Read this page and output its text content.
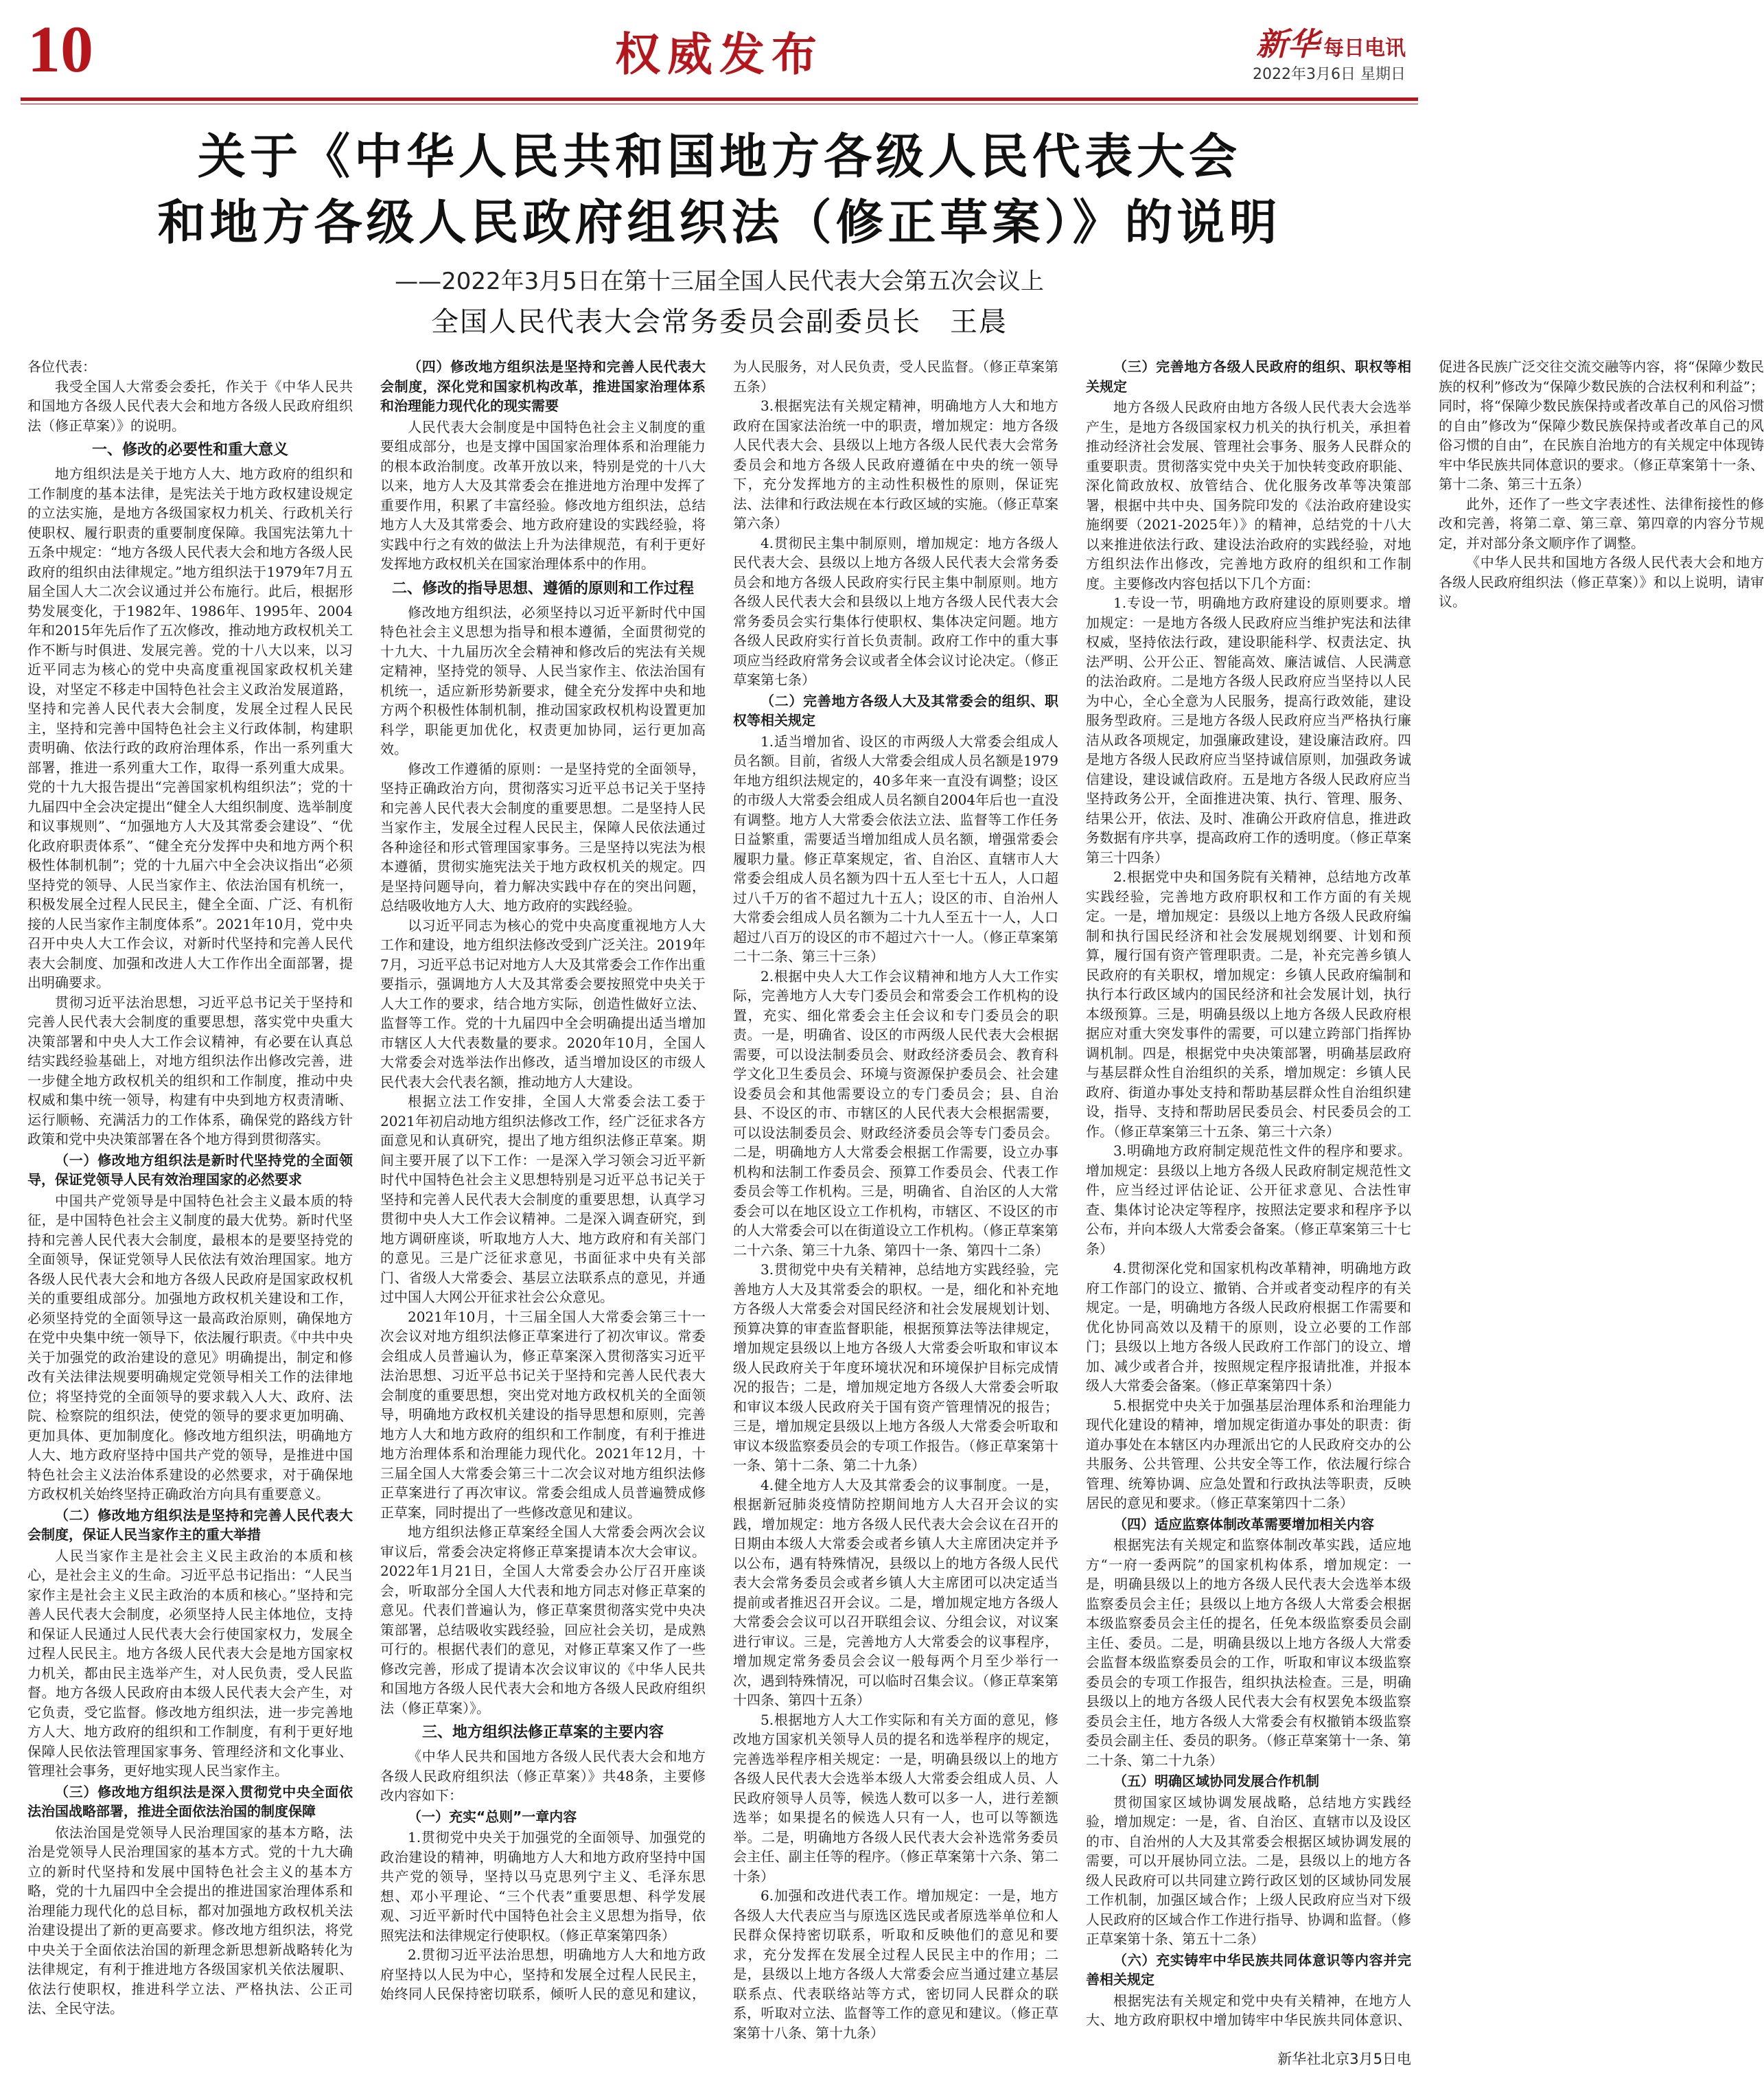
10	权威发布	新华 每日电讯
2022年3月6日 星期日
关于《中华人民共和国地方各级人民代表大会
和地方各级人民政府组织法（修正草案）》的说明
——2022年3月5日在第十三届全国人民代表大会第五次会议上
全国人民代表大会常务委员会副委员长　王晨

各位代表：

我受全国人大常委会委托，作关于《中华人民共和国地方各级人民代表大会和地方各级人民政府组织法（修正草案）》的说明。

一、修改的必要性和重大意义

地方组织法是关于地方人大、地方政府的组织和工作制度的基本法律，是宪法关于地方政权建设规定的立法实施，是地方各级国家权力机关、行政机关行使职权、履行职责的重要制度保障。我国宪法第九十五条中规定：“地方各级人民代表大会和地方各级人民政府的组织由法律规定。”地方组织法于1979年7月五届全国人大二次会议通过并公布施行。此后，根据形势发展变化，于1982年、1986年、1995年、2004年和2015年先后作了五次修改，推动地方政权机关工作不断与时俱进、发展完善。党的十八大以来，以习近平同志为核心的党中央高度重视国家政权机关建设，对坚定不移走中国特色社会主义政治发展道路，坚持和完善人民代表大会制度，发展全过程人民民主，坚持和完善中国特色社会主义行政体制，构建职责明确、依法行政的政府治理体系，作出一系列重大部署，推进一系列重大工作，取得一系列重大成果。党的十九大报告提出“完善国家机构组织法”；党的十九届四中全会决定提出“健全人大组织制度、选举制度和议事规则”、“加强地方人大及其常委会建设”、“优化政府职责体系”、“健全充分发挥中央和地方两个积极性体制机制”；党的十九届六中全会决议指出“必须坚持党的领导、人民当家作主、依法治国有机统一，积极发展全过程人民民主，健全全面、广泛、有机衔接的人民当家作主制度体系”。2021年10月，党中央召开中央人大工作会议，对新时代坚持和完善人民代表大会制度、加强和改进人大工作作出全面部署，提出明确要求。

贯彻习近平法治思想，习近平总书记关于坚持和完善人民代表大会制度的重要思想，落实党中央重大决策部署和中央人大工作会议精神，有必要在认真总结实践经验基础上，对地方组织法作出修改完善，进一步健全地方政权机关的组织和工作制度，推动中央权威和集中统一领导，构建有中央到地方权责清晰、运行顺畅、充满活力的工作体系，确保党的路线方针政策和党中央决策部署在各个地方得到贯彻落实。

（一）修改地方组织法是新时代坚持党的全面领导，保证党领导人民有效治理国家的必然要求

中国共产党领导是中国特色社会主义最本质的特征，是中国特色社会主义制度的最大优势。新时代坚持和完善人民代表大会制度，最根本的是要坚持党的全面领导，保证党领导人民依法有效治理国家。地方各级人民代表大会和地方各级人民政府是国家政权机关的重要组成部分。加强地方政权机关建设和工作，必须坚持党的全面领导这一最高政治原则，确保地方在党中央集中统一领导下，依法履行职责。《中共中央关于加强党的政治建设的意见》明确提出，制定和修改有关法律法规要明确规定党领导相关工作的法律地位；将坚持党的全面领导的要求载入人大、政府、法院、检察院的组织法，使党的领导的要求更加明确、更加具体、更加制度化。修改地方组织法，明确地方人大、地方政府坚持中国共产党的领导，是推进中国特色社会主义法治体系建设的必然要求，对于确保地方政权机关始终坚持正确政治方向具有重要意义。

（二）修改地方组织法是坚持和完善人民代表大会制度，保证人民当家作主的重大举措

人民当家作主是社会主义民主政治的本质和核心，是社会主义的生命。习近平总书记指出：“人民当家作主是社会主义民主政治的本质和核心。”坚持和完善人民代表大会制度，必须坚持人民主体地位，支持和保证人民通过人民代表大会行使国家权力，发展全过程人民民主。地方各级人民代表大会是地方国家权力机关，都由民主选举产生，对人民负责，受人民监督。地方各级人民政府由本级人民代表大会产生，对它负责，受它监督。修改地方组织法，进一步完善地方人大、地方政府的组织和工作制度，有利于更好地保障人民依法管理国家事务、管理经济和文化事业、管理社会事务，更好地实现人民当家作主。

（三）修改地方组织法是深入贯彻党中央全面依法治国战略部署，推进全面依法治国的制度保障

依法治国是党领导人民治理国家的基本方略，法治是党领导人民治理国家的基本方式。党的十九大确立的新时代坚持和发展中国特色社会主义的基本方略，党的十九届四中全会提出的推进国家治理体系和治理能力现代化的总目标，都对加强地方政权机关法治建设提出了新的更高要求。修改地方组织法，将党中央关于全面依法治国的新理念新思想新战略转化为法律规定，有利于推进地方各级国家机关依法履职、依法行使职权，推进科学立法、严格执法、公正司法、全民守法。

（四）修改地方组织法是坚持和完善人民代表大会制度，深化党和国家机构改革，推进国家治理体系和治理能力现代化的现实需要

人民代表大会制度是中国特色社会主义制度的重要组成部分，也是支撑中国国家治理体系和治理能力的根本政治制度。改革开放以来，特别是党的十八大以来，地方人大及其常委会在推进地方治理中发挥了重要作用，积累了丰富经验。修改地方组织法，总结地方人大及其常委会、地方政府建设的实践经验，将实践中行之有效的做法上升为法律规范，有利于更好发挥地方政权机关在国家治理体系中的作用。

二、修改的指导思想、遵循的原则和工作过程

修改地方组织法，必须坚持以习近平新时代中国特色社会主义思想为指导和根本遵循，全面贯彻党的十九大、十九届历次全会精神和修改后的宪法有关规定精神，坚持党的领导、人民当家作主、依法治国有机统一，适应新形势新要求，健全充分发挥中央和地方两个积极性体制机制，推动国家政权机构设置更加科学，职能更加优化，权责更加协同，运行更加高效。

修改工作遵循的原则：一是坚持党的全面领导，坚持正确政治方向，贯彻落实习近平总书记关于坚持和完善人民代表大会制度的重要思想。二是坚持人民当家作主，发展全过程人民民主，保障人民依法通过各种途径和形式管理国家事务。三是坚持以宪法为根本遵循，贯彻实施宪法关于地方政权机关的规定。四是坚持问题导向，着力解决实践中存在的突出问题，总结吸收地方人大、地方政府的实践经验。

以习近平同志为核心的党中央高度重视地方人大工作和建设，地方组织法修改受到广泛关注。2019年7月，习近平总书记对地方人大及其常委会工作作出重要指示，强调地方人大及其常委会要按照党中央关于人大工作的要求，结合地方实际，创造性做好立法、监督等工作。党的十九届四中全会明确提出适当增加市辖区人大代表数量的要求。2020年10月，全国人大常委会对选举法作出修改，适当增加设区的市级人民代表大会代表名额，推动地方人大建设。

根据立法工作安排，全国人大常委会法工委于2021年初启动地方组织法修改工作，经广泛征求各方面意见和认真研究，提出了地方组织法修正草案。期间主要开展了以下工作：一是深入学习领会习近平新时代中国特色社会主义思想特别是习近平总书记关于坚持和完善人民代表大会制度的重要思想，认真学习贯彻中央人大工作会议精神。二是深入调查研究，到地方调研座谈，听取地方人大、地方政府和有关部门的意见。三是广泛征求意见，书面征求中央有关部门、省级人大常委会、基层立法联系点的意见，并通过中国人大网公开征求社会公众意见。

2021年10月，十三届全国人大常委会第三十一次会议对地方组织法修正草案进行了初次审议。常委会组成人员普遍认为，修正草案深入贯彻落实习近平法治思想、习近平总书记关于坚持和完善人民代表大会制度的重要思想，突出党对地方政权机关的全面领导，明确地方政权机关建设的指导思想和原则，完善地方人大和地方政府的组织和工作制度，有利于推进地方治理体系和治理能力现代化。2021年12月，十三届全国人大常委会第三十二次会议对地方组织法修正草案进行了再次审议。常委会组成人员普遍赞成修正草案，同时提出了一些修改意见和建议。

地方组织法修正草案经全国人大常委会两次会议审议后，常委会决定将修正草案提请本次大会审议。2022年1月21日，全国人大常委会办公厅召开座谈会，听取部分全国人大代表和地方同志对修正草案的意见。代表们普遍认为，修正草案贯彻落实党中央决策部署，总结吸收实践经验，回应社会关切，是成熟可行的。根据代表们的意见，对修正草案又作了一些修改完善，形成了提请本次会议审议的《中华人民共和国地方各级人民代表大会和地方各级人民政府组织法（修正草案）》。

三、地方组织法修正草案的主要内容

《中华人民共和国地方各级人民代表大会和地方各级人民政府组织法（修正草案）》共48条，主要修改内容如下：

（一）充实“总则”一章内容

1.贯彻党中央关于加强党的全面领导、加强党的政治建设的精神，明确地方人大和地方政府坚持中国共产党的领导，坚持以马克思列宁主义、毛泽东思想、邓小平理论、“三个代表”重要思想、科学发展观、习近平新时代中国特色社会主义思想为指导，依照宪法和法律规定行使职权。（修正草案第四条）

2.贯彻习近平法治思想，明确地方人大和地方政府坚持以人民为中心，坚持和发展全过程人民民主，始终同人民保持密切联系，倾听人民的意见和建议，为人民服务，对人民负责，受人民监督。（修正草案第五条）

3.根据宪法有关规定精神，明确地方人大和地方政府在国家法治统一中的职责，增加规定：地方各级人民代表大会、县级以上地方各级人民代表大会常务委员会和地方各级人民政府遵循在中央的统一领导下，充分发挥地方的主动性积极性的原则，保证宪法、法律和行政法规在本行政区域的实施。（修正草案第六条）

4.贯彻民主集中制原则，增加规定：地方各级人民代表大会、县级以上地方各级人民代表大会常务委员会和地方各级人民政府实行民主集中制原则。地方各级人民代表大会和县级以上地方各级人民代表大会常务委员会实行集体行使职权、集体决定问题。地方各级人民政府实行首长负责制。政府工作中的重大事项应当经政府常务会议或者全体会议讨论决定。（修正草案第七条）

（二）完善地方各级人大及其常委会的组织、职权等相关规定

1.适当增加省、设区的市两级人大常委会组成人员名额。目前，省级人大常委会组成人员名额是1979年地方组织法规定的，40多年来一直没有调整；设区的市级人大常委会组成人员名额自2004年后也一直没有调整。地方人大常委会依法立法、监督等工作任务日益繁重，需要适当增加组成人员名额，增强常委会履职力量。修正草案规定，省、自治区、直辖市人大常委会组成人员名额为四十五人至七十五人，人口超过八千万的省不超过九十五人；设区的市、自治州人大常委会组成人员名额为二十九人至五十一人，人口超过八百万的设区的市不超过六十一人。（修正草案第二十二条、第三十三条）

2.根据中央人大工作会议精神和地方人大工作实际，完善地方人大专门委员会和常委会工作机构的设置，充实、细化常委会主任会议和专门委员会的职责。一是，明确省、设区的市两级人民代表大会根据需要，可以设法制委员会、财政经济委员会、教育科学文化卫生委员会、环境与资源保护委员会、社会建设委员会和其他需要设立的专门委员会；县、自治县、不设区的市、市辖区的人民代表大会根据需要，可以设法制委员会、财政经济委员会等专门委员会。二是，明确地方人大常委会根据工作需要，设立办事机构和法制工作委员会、预算工作委员会、代表工作委员会等工作机构。三是，明确省、自治区的人大常委会可以在地区设立工作机构，市辖区、不设区的市的人大常委会可以在街道设立工作机构。（修正草案第二十六条、第三十九条、第四十一条、第四十二条）

3.贯彻党中央有关精神，总结地方实践经验，完善地方人大及其常委会的职权。一是，细化和补充地方各级人大常委会对国民经济和社会发展规划计划、预算决算的审查监督职能，根据预算法等法律规定，增加规定县级以上地方各级人大常委会听取和审议本级人民政府关于年度环境状况和环境保护目标完成情况的报告；二是，增加规定地方各级人大常委会听取和审议本级人民政府关于国有资产管理情况的报告；三是，增加规定县级以上地方各级人大常委会听取和审议本级监察委员会的专项工作报告。（修正草案第十一条、第十二条、第二十九条）

4.健全地方人大及其常委会的议事制度。一是，根据新冠肺炎疫情防控期间地方人大召开会议的实践，增加规定：地方各级人民代表大会会议在召开的日期由本级人大常委会或者乡镇人大主席团决定并予以公布，遇有特殊情况，县级以上的地方各级人民代表大会常务委员会或者乡镇人大主席团可以决定适当提前或者推迟召开会议。二是，增加规定地方各级人大常委会会议可以召开联组会议、分组会议，对议案进行审议。三是，完善地方人大常委会的议事程序，增加规定常务委员会会议一般每两个月至少举行一次，遇到特殊情况，可以临时召集会议。（修正草案第十四条、第四十五条）

5.根据地方人大工作实际和有关方面的意见，修改地方国家机关领导人员的提名和选举程序的规定，完善选举程序相关规定：一是，明确县级以上的地方各级人民代表大会选举本级人大常委会组成人员、人民政府领导人员等，候选人数可以多一人，进行差额选举；如果提名的候选人只有一人，也可以等额选举。二是，明确地方各级人民代表大会补选常务委员会主任、副主任等的程序。（修正草案第十六条、第二十条）

6.加强和改进代表工作。增加规定：一是，地方各级人大代表应当与原选区选民或者原选举单位和人民群众保持密切联系，听取和反映他们的意见和要求，充分发挥在发展全过程人民民主中的作用；二是，县级以上地方各级人大常委会应当通过建立基层联系点、代表联络站等方式，密切同人民群众的联系，听取对立法、监督等工作的意见和建议。（修正草案第十八条、第十九条）

（三）完善地方各级人民政府的组织、职权等相关规定

地方各级人民政府由地方各级人民代表大会选举产生，是地方各级国家权力机关的执行机关，承担着推动经济社会发展、管理社会事务、服务人民群众的重要职责。贯彻落实党中央关于加快转变政府职能、深化简政放权、放管结合、优化服务改革等决策部署，根据中共中央、国务院印发的《法治政府建设实施纲要（2021-2025年）》的精神，总结党的十八大以来推进依法行政、建设法治政府的实践经验，对地方组织法作出修改，完善地方政府的组织和工作制度。主要修改内容包括以下几个方面：

1.专设一节，明确地方政府建设的原则要求。增加规定：一是地方各级人民政府应当维护宪法和法律权威，坚持依法行政，建设职能科学、权责法定、执法严明、公开公正、智能高效、廉洁诚信、人民满意的法治政府。二是地方各级人民政府应当坚持以人民为中心，全心全意为人民服务，提高行政效能，建设服务型政府。三是地方各级人民政府应当严格执行廉洁从政各项规定，加强廉政建设，建设廉洁政府。四是地方各级人民政府应当坚持诚信原则，加强政务诚信建设，建设诚信政府。五是地方各级人民政府应当坚持政务公开，全面推进决策、执行、管理、服务、结果公开，依法、及时、准确公开政府信息，推进政务数据有序共享，提高政府工作的透明度。（修正草案第三十四条）

2.根据党中央和国务院有关精神，总结地方改革实践经验，完善地方政府职权和工作方面的有关规定。一是，增加规定：县级以上地方各级人民政府编制和执行国民经济和社会发展规划纲要、计划和预算，履行国有资产管理职责。二是，补充完善乡镇人民政府的有关职权，增加规定：乡镇人民政府编制和执行本行政区域内的国民经济和社会发展计划，执行本级预算。三是，明确县级以上地方各级人民政府根据应对重大突发事件的需要，可以建立跨部门指挥协调机制。四是，根据党中央决策部署，明确基层政府与基层群众性自治组织的关系，增加规定：乡镇人民政府、街道办事处支持和帮助基层群众性自治组织建设，指导、支持和帮助居民委员会、村民委员会的工作。（修正草案第三十五条、第三十六条）

3.明确地方政府制定规范性文件的程序和要求。增加规定：县级以上地方各级人民政府制定规范性文件，应当经过评估论证、公开征求意见、合法性审查、集体讨论决定等程序，按照法定要求和程序予以公布，并向本级人大常委会备案。（修正草案第三十七条）

4.贯彻深化党和国家机构改革精神，明确地方政府工作部门的设立、撤销、合并或者变动程序的有关规定。一是，明确地方各级人民政府根据工作需要和优化协同高效以及精干的原则，设立必要的工作部门；县级以上地方各级人民政府工作部门的设立、增加、减少或者合并，按照规定程序报请批准，并报本级人大常委会备案。（修正草案第四十条）

5.根据党中央关于加强基层治理体系和治理能力现代化建设的精神，增加规定街道办事处的职责：街道办事处在本辖区内办理派出它的人民政府交办的公共服务、公共管理、公共安全等工作，依法履行综合管理、统筹协调、应急处置和行政执法等职责，反映居民的意见和要求。（修正草案第四十二条）

（四）适应监察体制改革需要增加相关内容

根据宪法有关规定和监察体制改革实践，适应地方“一府一委两院”的国家机构体系，增加规定：一是，明确县级以上的地方各级人民代表大会选举本级监察委员会主任；县级以上地方各级人大常委会根据本级监察委员会主任的提名，任免本级监察委员会副主任、委员。二是，明确县级以上地方各级人大常委会监督本级监察委员会的工作，听取和审议本级监察委员会的专项工作报告，组织执法检查。三是，明确县级以上的地方各级人民代表大会有权罢免本级监察委员会主任，地方各级人大常委会有权撤销本级监察委员会副主任、委员的职务。（修正草案第十一条、第二十条、第二十九条）

（五）明确区域协同发展合作机制

贯彻国家区域协调发展战略，总结地方实践经验，增加规定：一是，省、自治区、直辖市以及设区的市、自治州的人大及其常委会根据区域协调发展的需要，可以开展协同立法。二是，县级以上的地方各级人民政府可以共同建立跨行政区划的区域协同发展工作机制，加强区域合作；上级人民政府应当对下级人民政府的区域合作工作进行指导、协调和监督。（修正草案第十条、第五十二条）

（六）充实铸牢中华民族共同体意识等内容并完善相关规定

根据宪法有关规定和党中央有关精神，在地方人大、地方政府职权中增加铸牢中华民族共同体意识、促进各民族广泛交往交流交融等内容，将“保障少数民族的权利”修改为“保障少数民族的合法权利和利益”；同时，将“保障少数民族保持或者改革自己的风俗习惯的自由”修改为“保障少数民族保持或者改革自己的风俗习惯的自由”，在民族自治地方的有关规定中体现铸牢中华民族共同体意识的要求。（修正草案第十一条、第十二条、第三十五条）

此外，还作了一些文字表述性、法律衔接性的修改和完善，将第二章、第三章、第四章的内容分节规定，并对部分条文顺序作了调整。

《中华人民共和国地方各级人民代表大会和地方各级人民政府组织法（修正草案）》和以上说明，请审议。

新华社北京3月5日电
